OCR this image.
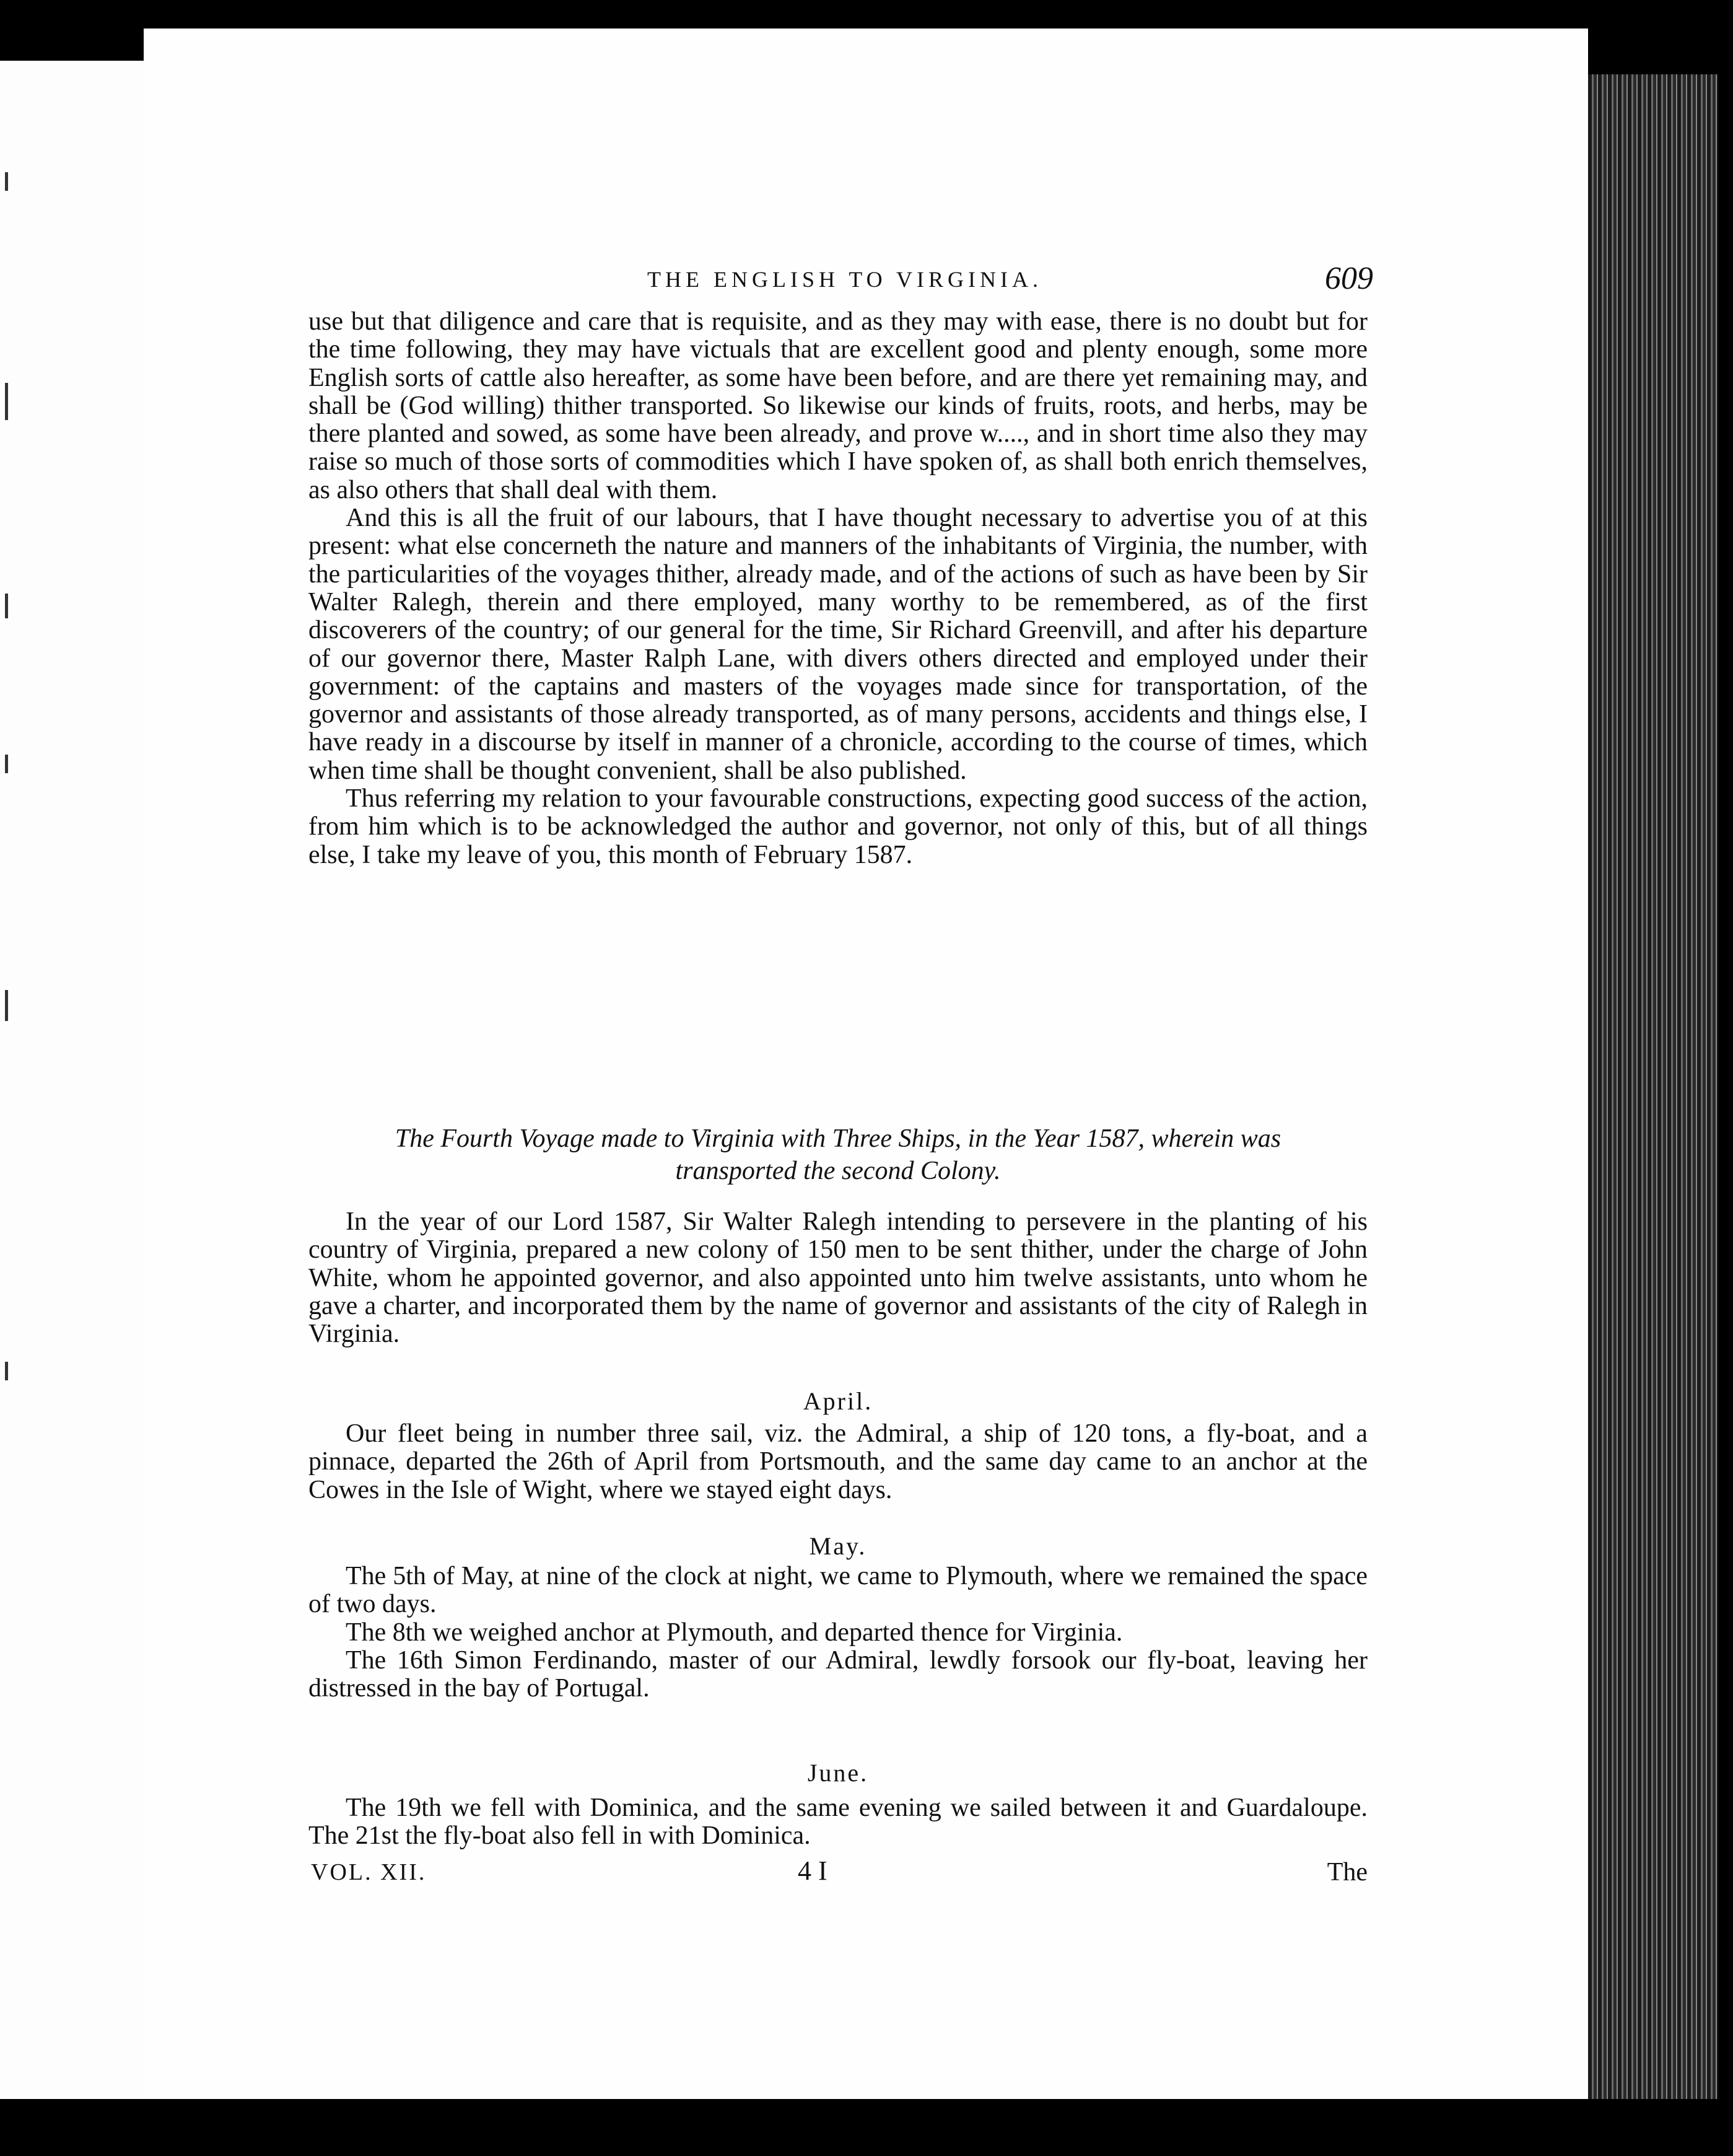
THE ENGLISH TO VIRGINIA.	609

use but that diligence and care that is requisite, and as they may with ease, there is no doubt but for the time following, they may have victuals that are excellent good and plenty enough, some more English sorts of cattle also hereafter, as some have been before, and are there yet remaining may, and shall be (God willing) thither transported. So likewise our kinds of fruits, roots, and herbs, may be there planted and sowed, as some have been already, and prove w...., and in short time also they may raise so much of those sorts of commodities which I have spoken of, as shall both enrich themselves, as also others that shall deal with them.

And this is all the fruit of our labours, that I have thought necessary to advertise you of at this present: what else concerneth the nature and manners of the inhabitants of Virginia, the number, with the particularities of the voyages thither, already made, and of the actions of such as have been by Sir Walter Ralegh, therein and there employed, many worthy to be remembered, as of the first discoverers of the country; of our general for the time, Sir Richard Greenvill, and after his departure of our governor there, Master Ralph Lane, with divers others directed and employed under their government: of the captains and masters of the voyages made since for transportation, of the governor and assistants of those already transported, as of many persons, accidents and things else, I have ready in a discourse by itself in manner of a chronicle, according to the course of times, which when time shall be thought convenient, shall be also published.

Thus referring my relation to your favourable constructions, expecting good success of the action, from him which is to be acknowledged the author and governor, not only of this, but of all things else, I take my leave of you, this month of February 1587.

The Fourth Voyage made to Virginia with Three Ships, in the Year 1587, wherein was
transported the second Colony.

In the year of our Lord 1587, Sir Walter Ralegh intending to persevere in the planting of his country of Virginia, prepared a new colony of 150 men to be sent thither, under the charge of John White, whom he appointed governor, and also appointed unto him twelve assistants, unto whom he gave a charter, and incorporated them by the name of governor and assistants of the city of Ralegh in Virginia.

April.

Our fleet being in number three sail, viz. the Admiral, a ship of 120 tons, a fly-boat, and a pinnace, departed the 26th of April from Portsmouth, and the same day came to an anchor at the Cowes in the Isle of Wight, where we stayed eight days.

May.

The 5th of May, at nine of the clock at night, we came to Plymouth, where we remained the space of two days.

The 8th we weighed anchor at Plymouth, and departed thence for Virginia.

The 16th Simon Ferdinando, master of our Admiral, lewdly forsook our fly-boat, leaving her distressed in the bay of Portugal.

June.

The 19th we fell with Dominica, and the same evening we sailed between it and Guardaloupe. The 21st the fly-boat also fell in with Dominica.

VOL. XII.	4 I	The
